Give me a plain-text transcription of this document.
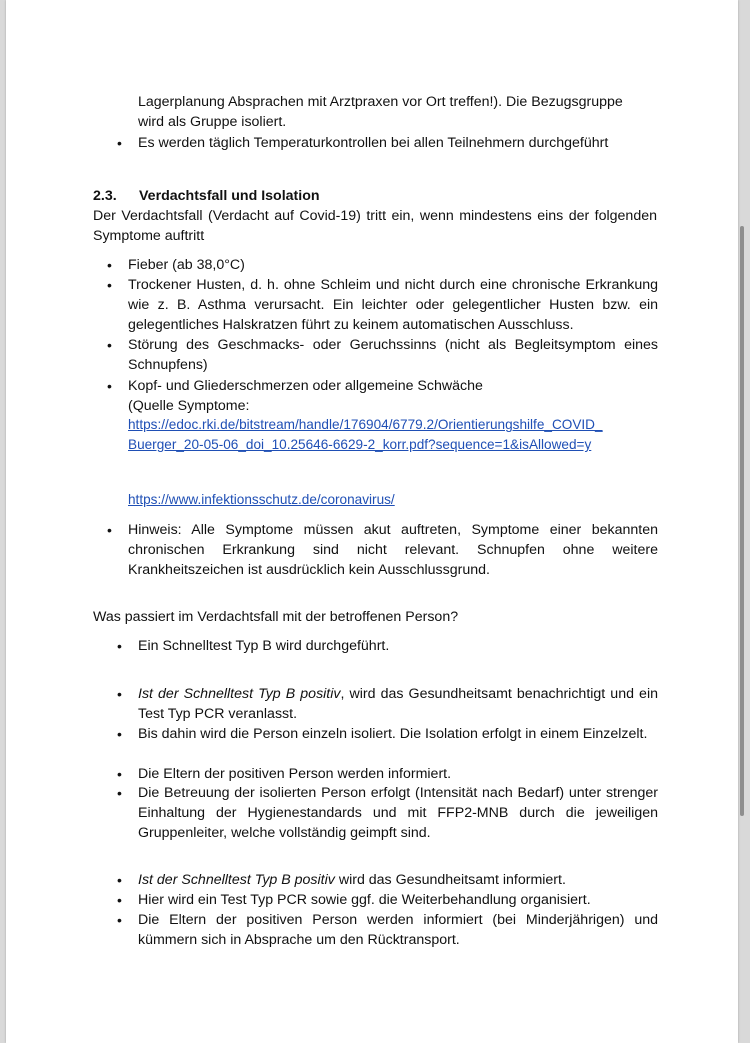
Lagerplanung Absprachen mit Arztpraxen vor Ort treffen!). Die Bezugsgruppe
wird als Gruppe isoliert.
• Es werden täglich Temperaturkontrollen bei allen Teilnehmern durchgeführt
2.3. Verdachtsfall und Isolation
Der Verdachtsfall (Verdacht auf Covid-19) tritt ein, wenn mindestens eins der folgenden Symptome auftritt
• Fieber (ab 38,0°C)
• Trockener Husten, d. h. ohne Schleim und nicht durch eine chronische Erkrankung wie z. B. Asthma verursacht. Ein leichter oder gelegentlicher Husten bzw. ein gelegentliches Halskratzen führt zu keinem automatischen Ausschluss.
• Störung des Geschmacks- oder Geruchssinns (nicht als Begleitsymptom eines Schnupfens)
• Kopf- und Gliederschmerzen oder allgemeine Schwäche
(Quelle Symptome:
https://edoc.rki.de/bitstream/handle/176904/6779.2/Orientierungshilfe_COVID_
Buerger_20-05-06_doi_10.25646-6629-2_korr.pdf?sequence=1&isAllowed=y
https://www.infektionsschutz.de/coronavirus/
• Hinweis: Alle Symptome müssen akut auftreten, Symptome einer bekannten chronischen Erkrankung sind nicht relevant. Schnupfen ohne weitere Krankheitszeichen ist ausdrücklich kein Ausschlussgrund.
Was passiert im Verdachtsfall mit der betroffenen Person?
• Ein Schnelltest Typ B wird durchgeführt.
• Ist der Schnelltest Typ B positiv, wird das Gesundheitsamt benachrichtigt und ein Test Typ PCR veranlasst.
• Bis dahin wird die Person einzeln isoliert. Die Isolation erfolgt in einem Einzelzelt.
• Die Eltern der positiven Person werden informiert.
• Die Betreuung der isolierten Person erfolgt (Intensität nach Bedarf) unter strenger Einhaltung der Hygienestandards und mit FFP2-MNB durch die jeweiligen Gruppenleiter, welche vollständig geimpft sind.
• Ist der Schnelltest Typ B positiv wird das Gesundheitsamt informiert.
• Hier wird ein Test Typ PCR sowie ggf. die Weiterbehandlung organisiert.
• Die Eltern der positiven Person werden informiert (bei Minderjährigen) und kümmern sich in Absprache um den Rücktransport.
